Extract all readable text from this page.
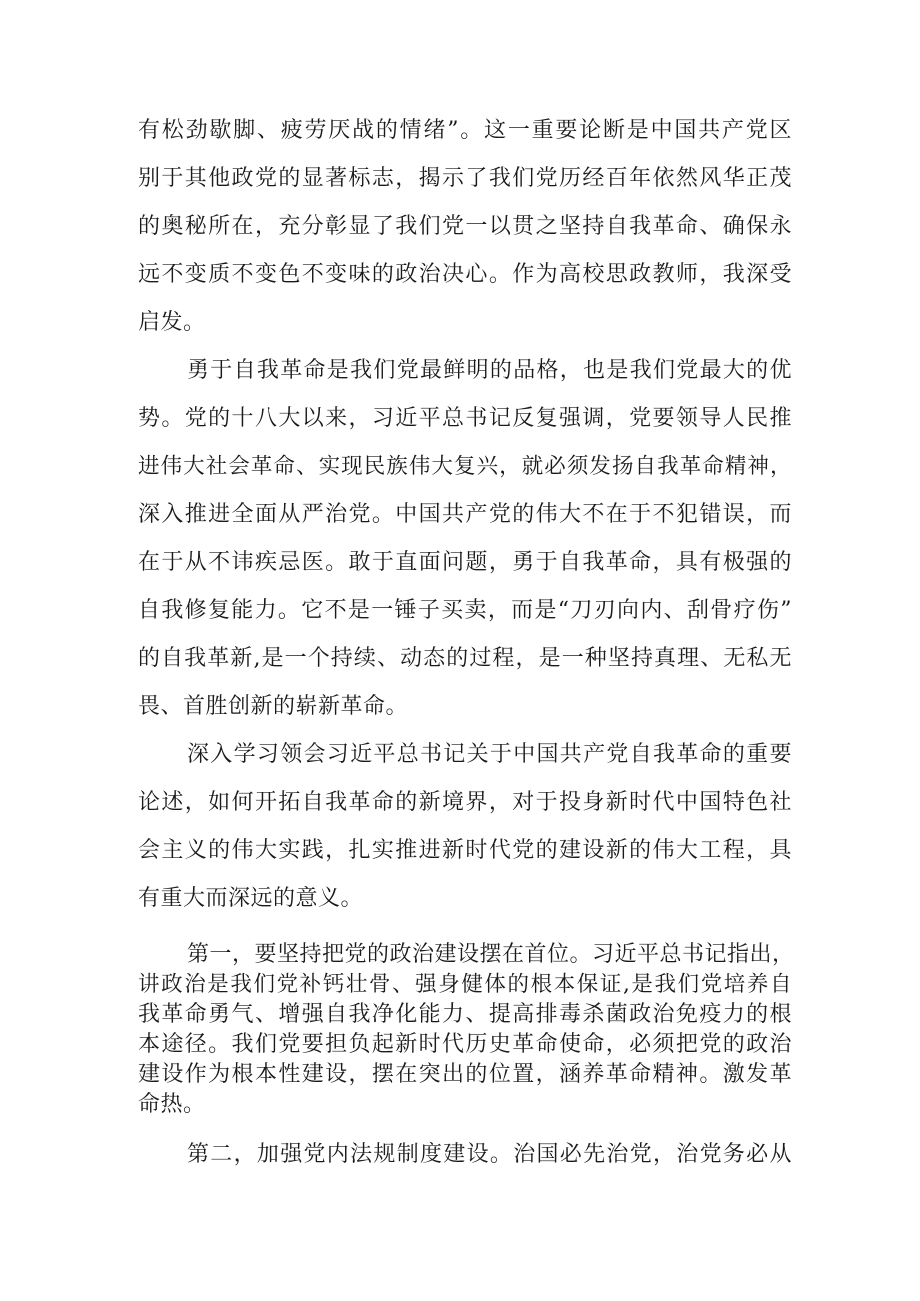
有松劲歇脚、疲劳厌战的情绪”。这一重要论断是中国共产党区
别于其他政党的显著标志，揭示了我们党历经百年依然风华正茂
的奥秘所在，充分彰显了我们党一以贯之坚持自我革命、确保永
远不变质不变色不变味的政治决心。作为高校思政教师，我深受
启发。
勇于自我革命是我们党最鲜明的品格，也是我们党最大的优
势。党的十八大以来，习近平总书记反复强调，党要领导人民推
进伟大社会革命、实现民族伟大复兴，就必须发扬自我革命精神，
深入推进全面从严治党。中国共产党的伟大不在于不犯错误，而
在于从不讳疾忌医。敢于直面问题，勇于自我革命，具有极强的
自我修复能力。它不是一锤子买卖，而是“刀刃向内、刮骨疗伤”
的自我革新,是一个持续、动态的过程，是一种坚持真理、无私无
畏、首胜创新的崭新革命。
深入学习领会习近平总书记关于中国共产党自我革命的重要
论述，如何开拓自我革命的新境界，对于投身新时代中国特色社
会主义的伟大实践，扎实推进新时代党的建设新的伟大工程，具
有重大而深远的意义。
第一，要坚持把党的政治建设摆在首位。习近平总书记指出，
讲政治是我们党补钙壮骨、强身健体的根本保证,是我们党培养自
我革命勇气、增强自我净化能力、提高排毒杀菌政治免疫力的根
本途径。我们党要担负起新时代历史革命使命，必须把党的政治
建设作为根本性建设，摆在突出的位置，涵养革命精神。激发革
命热。
第二，加强党内法规制度建设。治国必先治党，治党务必从
